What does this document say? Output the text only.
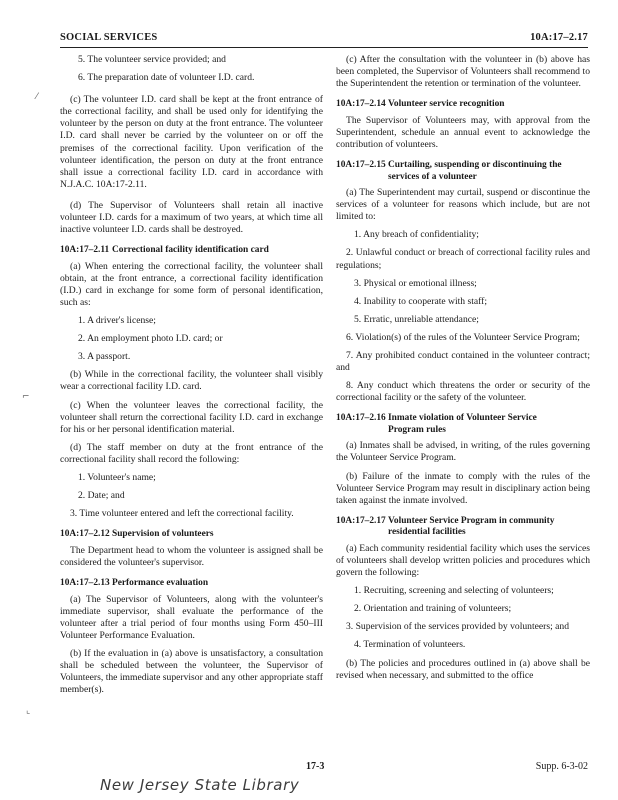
SOCIAL SERVICES	10A:17–2.17

5. The volunteer service provided; and

6. The preparation date of volunteer I.D. card.

(c) The volunteer I.D. card shall be kept at the front entrance of the correctional facility, and shall be used only for identifying the volunteer by the person on duty at the front entrance. The volunteer I.D. card shall never be carried by the volunteer on or off the premises of the correctional facility. Upon verification of the volunteer identification, the person on duty at the front entrance shall issue a correctional facility I.D. card in accordance with N.J.A.C. 10A:17-2.11.

(d) The Supervisor of Volunteers shall retain all inactive volunteer I.D. cards for a maximum of two years, at which time all inactive volunteer I.D. cards shall be destroyed.

10A:17–2.11 Correctional facility identification card

(a) When entering the correctional facility, the volunteer shall obtain, at the front entrance, a correctional facility identification (I.D.) card in exchange for some form of personal identification, such as:

1. A driver's license;

2. An employment photo I.D. card; or

3. A passport.

(b) While in the correctional facility, the volunteer shall visibly wear a correctional facility I.D. card.

(c) When the volunteer leaves the correctional facility, the volunteer shall return the correctional facility I.D. card in exchange for his or her personal identification material.

(d) The staff member on duty at the front entrance of the correctional facility shall record the following:

1. Volunteer's name;

2. Date; and

3. Time volunteer entered and left the correctional facility.

10A:17–2.12 Supervision of volunteers

The Department head to whom the volunteer is assigned shall be considered the volunteer's supervisor.

10A:17–2.13 Performance evaluation

(a) The Supervisor of Volunteers, along with the volunteer's immediate supervisor, shall evaluate the performance of the volunteer after a trial period of four months using Form 450–III Volunteer Performance Evaluation.

(b) If the evaluation in (a) above is unsatisfactory, a consultation shall be scheduled between the volunteer, the Supervisor of Volunteers, the immediate supervisor and any other appropriate staff member(s).

(c) After the consultation with the volunteer in (b) above has been completed, the Supervisor of Volunteers shall recommend to the Superintendent the retention or termination of the volunteer.

10A:17–2.14 Volunteer service recognition

The Supervisor of Volunteers may, with approval from the Superintendent, schedule an annual event to acknowledge the contribution of volunteers.

10A:17–2.15 Curtailing, suspending or discontinuing the
services of a volunteer

(a) The Superintendent may curtail, suspend or discontinue the services of a volunteer for reasons which include, but are not limited to:

1. Any breach of confidentiality;

2. Unlawful conduct or breach of correctional facility rules and regulations;

3. Physical or emotional illness;

4. Inability to cooperate with staff;

5. Erratic, unreliable attendance;

6. Violation(s) of the rules of the Volunteer Service Program;

7. Any prohibited conduct contained in the volunteer contract; and

8. Any conduct which threatens the order or security of the correctional facility or the safety of the volunteer.

10A:17–2.16 Inmate violation of Volunteer Service
Program rules

(a) Inmates shall be advised, in writing, of the rules governing the Volunteer Service Program.

(b) Failure of the inmate to comply with the rules of the Volunteer Service Program may result in disciplinary action being taken against the inmate involved.

10A:17–2.17 Volunteer Service Program in community
residential facilities

(a) Each community residential facility which uses the services of volunteers shall develop written policies and procedures which govern the following:

1. Recruiting, screening and selecting of volunteers;

2. Orientation and training of volunteers;

3. Supervision of the services provided by volunteers; and

4. Termination of volunteers.

(b) The policies and procedures outlined in (a) above shall be revised when necessary, and submitted to the office

⁄
⌐
⌞
17-3	Supp. 6-3-02
New Jersey State Library
